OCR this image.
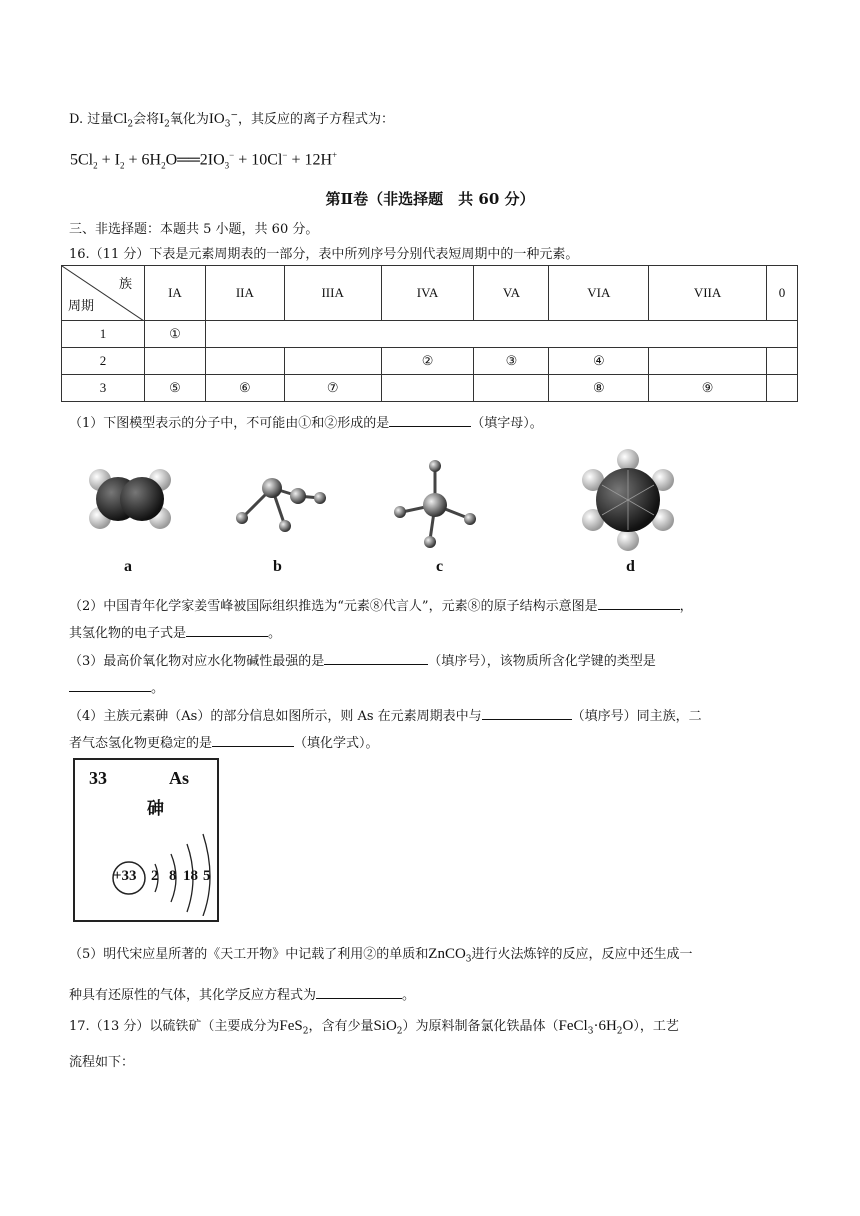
D. 过量$Cl_2$会将$I_2$氧化为$IO_3^-$，其反应的离子方程式为：
$5Cl_2 + I_2$ + $6H_2O══2IO_3^- + 10Cl^- + 12H^+$
第Ⅱ卷（非选择题　共 60 分）
三、非选择题：本题共 5 小题，共 60 分。
16.（11 分）下表是元素周期表的一部分，表中所列序号分别代表短周期中的一种元素。
族
周期	IA	IIA	IIIA	IVA	VA	VIA	VIIA	0
1	①							
2				②	③	④		
3	⑤	⑥	⑦			⑧	⑨	
（1）下图模型表示的分子中，不可能由①和②形成的是	（填字母）。
a	b	c	d
（2）中国青年化学家姜雪峰被国际组织推选为“元素⑧代言人”，元素⑧的原子结构示意图是	，
其氢化物的电子式是	。
（3）最高价氧化物对应水化物碱性最强的是	（填序号），该物质所含化学键的类型是
。
（4）主族元素砷（As）的部分信息如图所示，则 As 在元素周期表中与	（填序号）同主族，二
者气态氢化物更稳定的是	（填化学式）。
33	As
砷
+33 2 8 18 5
（5）明代宋应星所著的《天工开物》中记载了利用②的单质和ZnCO$_3$进行火法炼锌的反应，反应中还生成一
种具有还原性的气体，其化学反应方程式为	。
17.（13 分）以硫铁矿（主要成分为FeS$_2$，含有少量SiO$_2$）为原料制备氯化铁晶体$(FeCl_3\cdot 6H_2O)$，工艺
流程如下：
